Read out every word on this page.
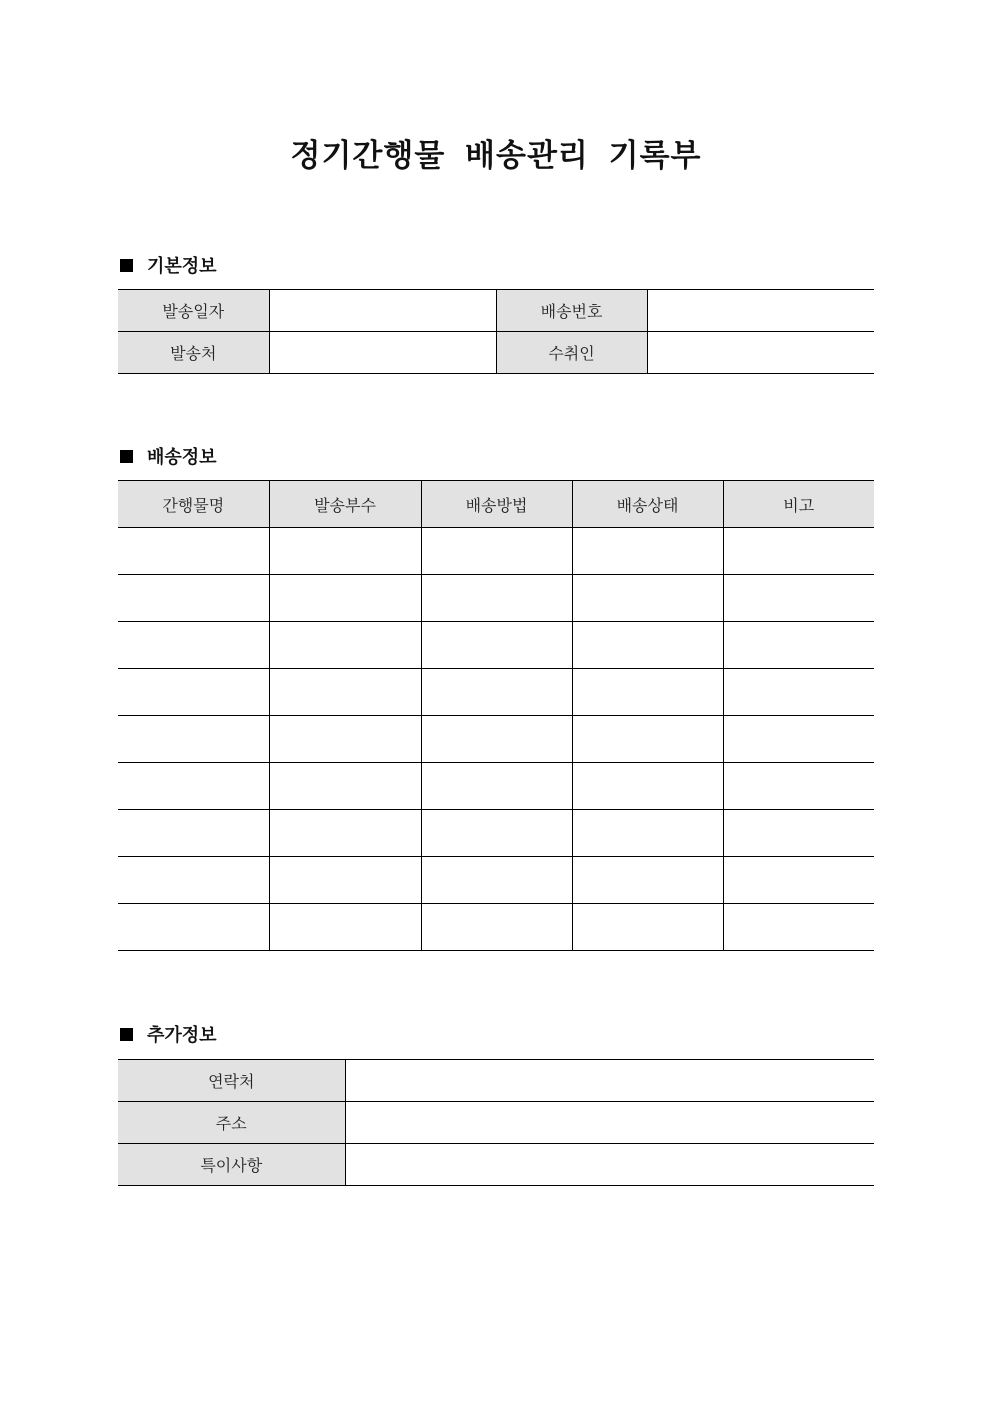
정기간행물 배송관리 기록부
기본정보
발송일자		배송번호	
발송처		수취인	
배송정보
간행물명	발송부수	배송방법	배송상태	비고

추가정보
연락처	
주소	
특이사항	
